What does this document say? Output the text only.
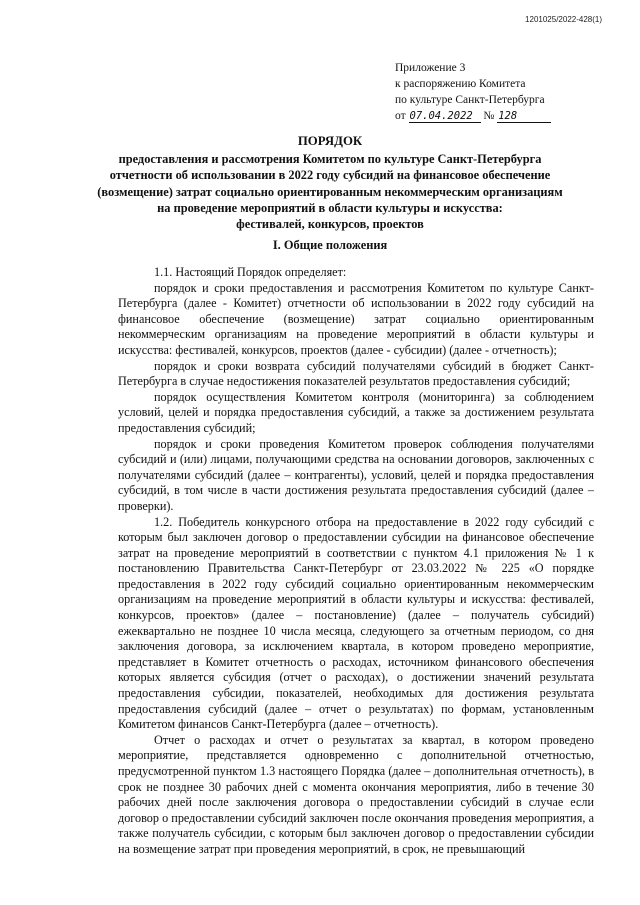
1201025/2022-428(1)
Приложение 3
к распоряжению Комитета
по культуре Санкт-Петербурга
от 07.04.2022 № 128
ПОРЯДОК
предоставления и рассмотрения Комитетом по культуре Санкт-Петербурга
отчетности об использовании в 2022 году субсидий на финансовое обеспечение
(возмещение) затрат социально ориентированным некоммерческим организациям
на проведение мероприятий в области культуры и искусства:
фестивалей, конкурсов, проектов
I. Общие положения

1.1. Настоящий Порядок определяет:

порядок и сроки предоставления и рассмотрения Комитетом по культуре Санкт-Петербурга (далее - Комитет) отчетности об использовании в 2022 году субсидий на финансовое обеспечение (возмещение) затрат социально ориентированным некоммерческим организациям на проведение мероприятий в области культуры и искусства: фестивалей, конкурсов, проектов (далее - субсидии) (далее - отчетность);

порядок и сроки возврата субсидий получателями субсидий в бюджет Санкт-Петербурга в случае недостижения показателей результатов предоставления субсидий;

порядок осуществления Комитетом контроля (мониторинга) за соблюдением условий, целей и порядка предоставления субсидий, а также за достижением результата предоставления субсидий;

порядок и сроки проведения Комитетом проверок соблюдения получателями субсидий и (или) лицами, получающими средства на основании договоров, заключенных с получателями субсидий (далее – контрагенты), условий, целей и порядка предоставления субсидий, в том числе в части достижения результата предоставления субсидий (далее – проверки).

1.2. Победитель конкурсного отбора на предоставление в 2022 году субсидий с которым был заключен договор о предоставлении субсидии на финансовое обеспечение затрат на проведение мероприятий в соответствии с пунктом 4.1 приложения № 1 к постановлению Правительства Санкт-Петербург от 23.03.2022 № 225 «О порядке предоставления в 2022 году субсидий социально ориентированным некоммерческим организациям на проведение мероприятий в области культуры и искусства: фестивалей, конкурсов, проектов» (далее – постановление) (далее – получатель субсидий) ежеквартально не позднее 10 числа месяца, следующего за отчетным периодом, со дня заключения договора, за исключением квартала, в котором проведено мероприятие, представляет в Комитет отчетность о расходах, источником финансового обеспечения которых является субсидия (отчет о расходах), о достижении значений результата предоставления субсидии, показателей, необходимых для достижения результата предоставления субсидий (далее – отчет о результатах) по формам, установленным Комитетом финансов Санкт-Петербурга (далее – отчетность).

Отчет о расходах и отчет о результатах за квартал, в котором проведено мероприятие, представляется одновременно с дополнительной отчетностью, предусмотренной пунктом 1.3 настоящего Порядка (далее – дополнительная отчетность), в срок не позднее 30 рабочих дней с момента окончания мероприятия, либо в течение 30 рабочих дней после заключения договора о предоставлении субсидий в случае если договор о предоставлении субсидий заключен после окончания проведения мероприятия, а также получатель субсидии, с которым был заключен договор о предоставлении субсидии на возмещение затрат при проведения мероприятий, в срок, не превышающий
